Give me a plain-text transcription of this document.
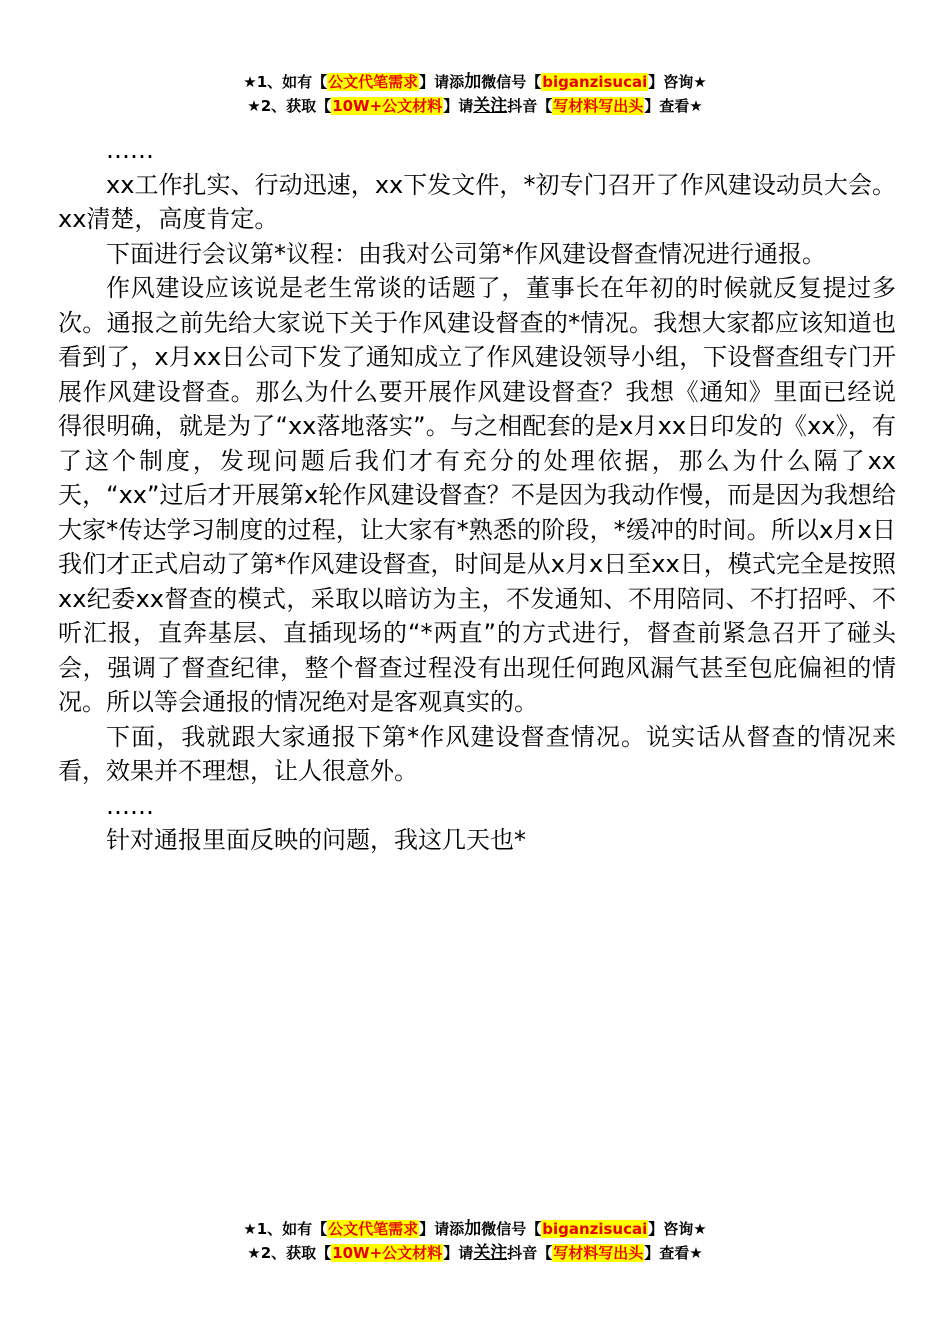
★1、如有【公文代笔需求】请添加微信号【biganzisucai】咨询★
★2、获取【10W+公文材料】请关注抖音【写材料写出头】查看★

……

xx工作扎实、行动迅速，xx下发文件，*初专门召开了作风建设动员大会。xx清楚，高度肯定。

下面进行会议第*议程：由我对公司第*作风建设督查情况进行通报。

作风建设应该说是老生常谈的话题了，董事长在年初的时候就反复提过多次。通报之前先给大家说下关于作风建设督查的*情况。我想大家都应该知道也看到了，x月xx日公司下发了通知成立了作风建设领导小组，下设督查组专门开展作风建设督查。那么为什么要开展作风建设督查？我想《通知》里面已经说得很明确，就是为了“xx落地落实”。与之相配套的是x月xx日印发的《xx》，有了这个制度，发现问题后我们才有充分的处理依据，那么为什么隔了xx天，“xx”过后才开展第x轮作风建设督查？不是因为我动作慢，而是因为我想给大家*传达学习制度的过程，让大家有*熟悉的阶段，*缓冲的时间。所以x月x日我们才正式启动了第*作风建设督查，时间是从x月x日至xx日，模式完全是按照xx纪委xx督查的模式，采取以暗访为主，不发通知、不用陪同、不打招呼、不听汇报，直奔基层、直插现场的“*两直”的方式进行，督查前紧急召开了碰头会，强调了督查纪律，整个督查过程没有出现任何跑风漏气甚至包庇偏袒的情况。所以等会通报的情况绝对是客观真实的。

下面，我就跟大家通报下第*作风建设督查情况。说实话从督查的情况来看，效果并不理想，让人很意外。

……

针对通报里面反映的问题，我这几天也*

★1、如有【公文代笔需求】请添加微信号【biganzisucai】咨询★
★2、获取【10W+公文材料】请关注抖音【写材料写出头】查看★
